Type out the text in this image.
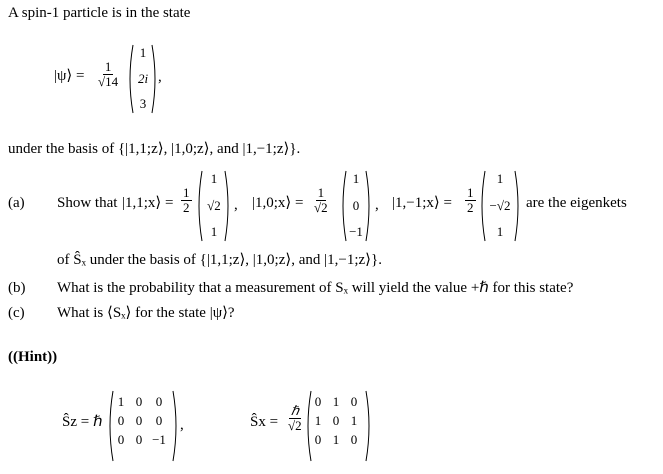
A spin-1 particle is in the state
|ψ⟩ = $\frac{1}{√14}$
1
2i
3
,
under the basis of {|1,1;z⟩, |1,0;z⟩, and |1,−1;z⟩}.
(a) Show that |1,1;x⟩ = $\frac{1}{2}$
1
√2
1
, |1,0;x⟩ = $\frac{1}{√2}$
1
0
−1
, |1,−1;x⟩ = $\frac{1}{2}$
1
−√2
1
are the eigenkets
of Ŝₓ under the basis of {|1,1;z⟩, |1,0;z⟩, and |1,−1;z⟩}.
(b) What is the probability that a measurement of Sₓ will yield the value +ℏ for this state?
(c) What is ⟨Sₓ⟩ for the state |ψ⟩?
((Hint))
Ŝz = ℏ
1 0	0
0 0	0
0 0 −1
,	Ŝx = $\frac{\text{ℏ}}{√2}$
0 1 0
1 0 1
0 1 0
